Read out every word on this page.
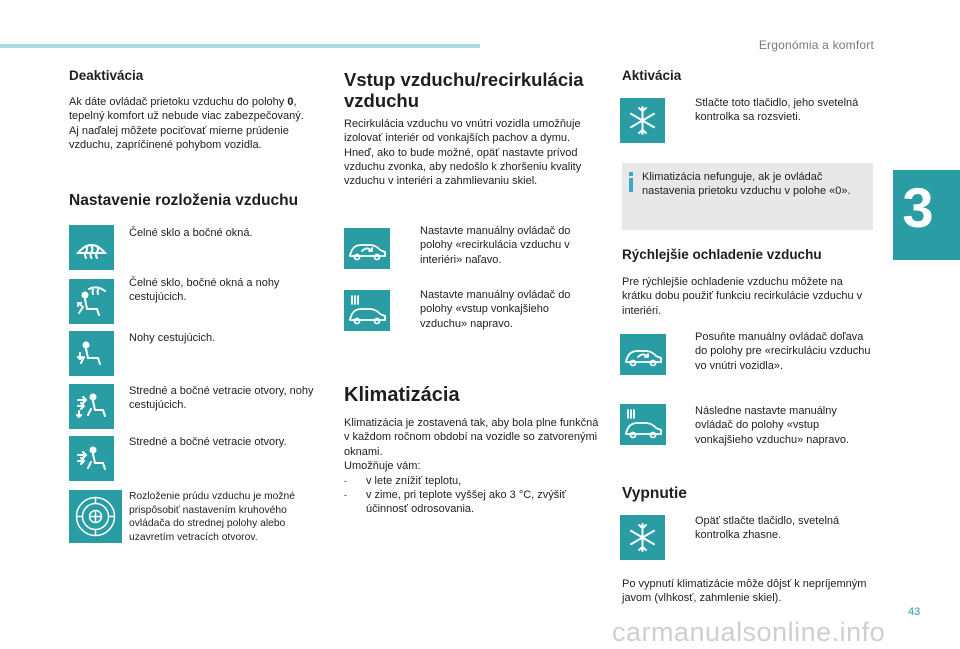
Ergonómia a komfort
3
Deaktivácia
Ak dáte ovládač prietoku vzduchu do polohy 0, tepelný komfort už nebude viac zabezpečovaný.
Aj naďalej môžete pociťovať mierne prúdenie vzduchu, zapríčinené pohybom vozidla.
Nastavenie rozloženia vzduchu
Čelné sklo a bočné okná.
Čelné sklo, bočné okná a nohy cestujúcich.
Nohy cestujúcich.
Stredné a bočné vetracie otvory, nohy cestujúcich.
Stredné a bočné vetracie otvory.
Rozloženie prúdu vzduchu je možné prispôsobiť nastavením kruhového ovládača do strednej polohy alebo uzavretím vetracích otvorov.
Vstup vzduchu/recirkulácia vzduchu
Recirkulácia vzduchu vo vnútri vozidla umožňuje izolovať interiér od vonkajších pachov a dymu.
Hneď, ako to bude možné, opäť nastavte prívod vzduchu zvonka, aby nedošlo k zhoršeniu kvality vzduchu v interiéri a zahmlievaniu skiel.
Nastavte manuálny ovládač do polohy «recirkulácia vzduchu v interiéri» naľavo.
Nastavte manuálny ovládač do polohy «vstup vonkajšieho vzduchu» napravo.
Klimatizácia
Klimatizácia je zostavená tak, aby bola plne funkčná v každom ročnom období na vozidle so zatvorenými oknami.
Umožňuje vám:
-	v lete znížiť teplotu,
-	v zime, pri teplote vyššej ako 3 °C, zvýšiť účinnosť odrosovania.
Aktivácia
Stlačte toto tlačidlo, jeho svetelná kontrolka sa rozsvieti.
Klimatizácia nefunguje, ak je ovládač nastavenia prietoku vzduchu v polohe «0».
Rýchlejšie ochladenie vzduchu
Pre rýchlejšie ochladenie vzduchu môžete na krátku dobu použiť funkciu recirkulácie vzduchu v interiéri.
Posuňte manuálny ovládač doľava do polohy pre «recirkuláciu vzduchu vo vnútri vozidla».
Následne nastavte manuálny ovládač do polohy «vstup vonkajšieho vzduchu» napravo.
Vypnutie
Opäť stlačte tlačidlo, svetelná kontrolka zhasne.
Po vypnutí klimatizácie môže dôjsť k nepríjemným javom (vlhkosť, zahmlenie skiel).
43
carmanualsonline.info
